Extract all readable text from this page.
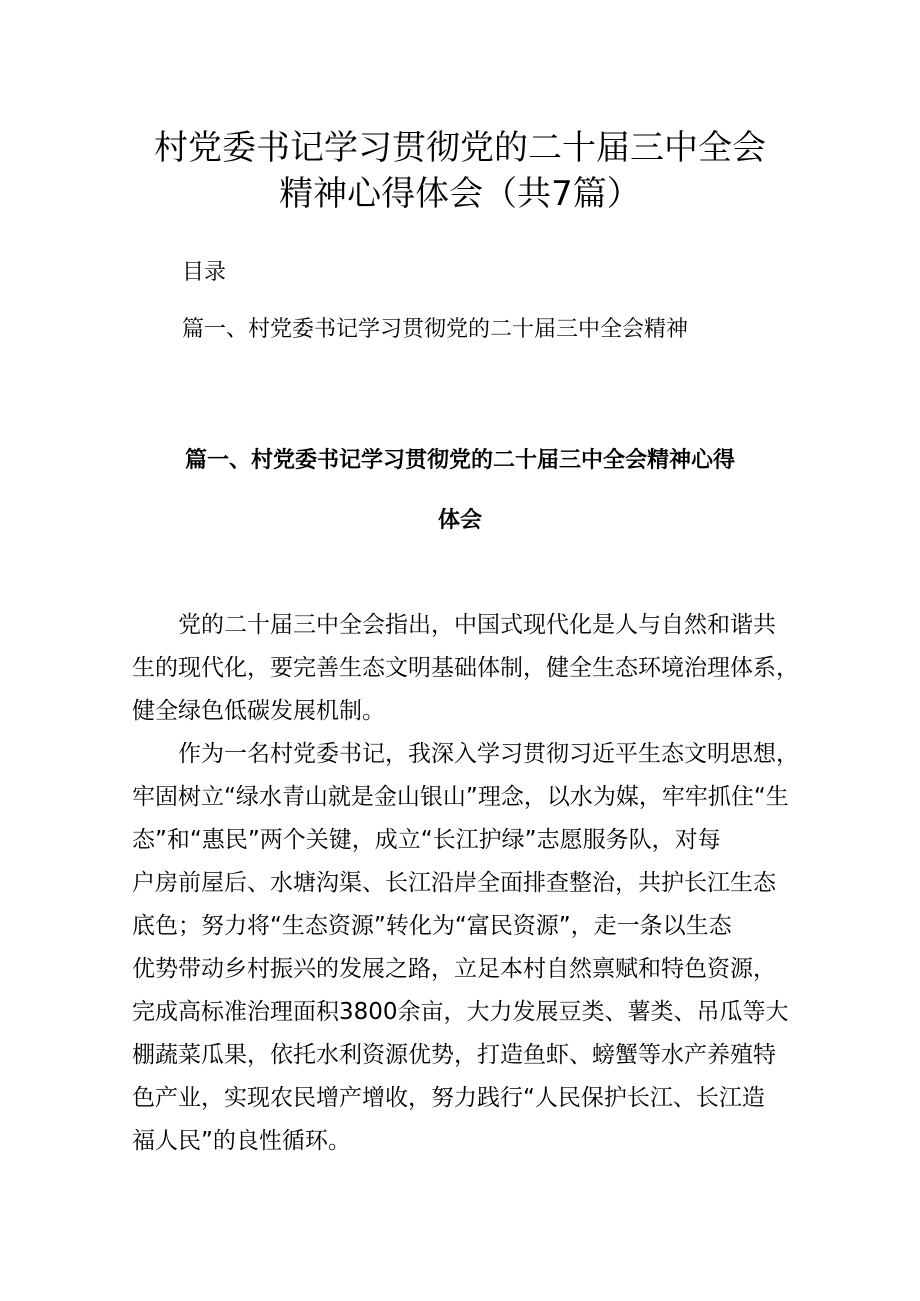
村党委书记学习贯彻党的二十届三中全会
精神心得体会（共7篇）
目录
篇一、村党委书记学习贯彻党的二十届三中全会精神
篇一、村党委书记学习贯彻党的二十届三中全会精神心得
体会
党的二十届三中全会指出，中国式现代化是人与自然和谐共
生的现代化，要完善生态文明基础体制，健全生态环境治理体系，
健全绿色低碳发展机制。
作为一名村党委书记，我深入学习贯彻习近平生态文明思想，
牢固树立“绿水青山就是金山银山”理念，以水为媒，牢牢抓住“生
态”和“惠民”两个关键，成立“长江护绿”志愿服务队，对每
户房前屋后、水塘沟渠、长江沿岸全面排查整治，共护长江生态
底色；努力将“生态资源”转化为“富民资源”，走一条以生态
优势带动乡村振兴的发展之路，立足本村自然禀赋和特色资源，
完成高标准治理面积3800余亩，大力发展豆类、薯类、吊瓜等大
棚蔬菜瓜果，依托水利资源优势，打造鱼虾、螃蟹等水产养殖特
色产业，实现农民增产增收，努力践行“人民保护长江、长江造
福人民”的良性循环。
